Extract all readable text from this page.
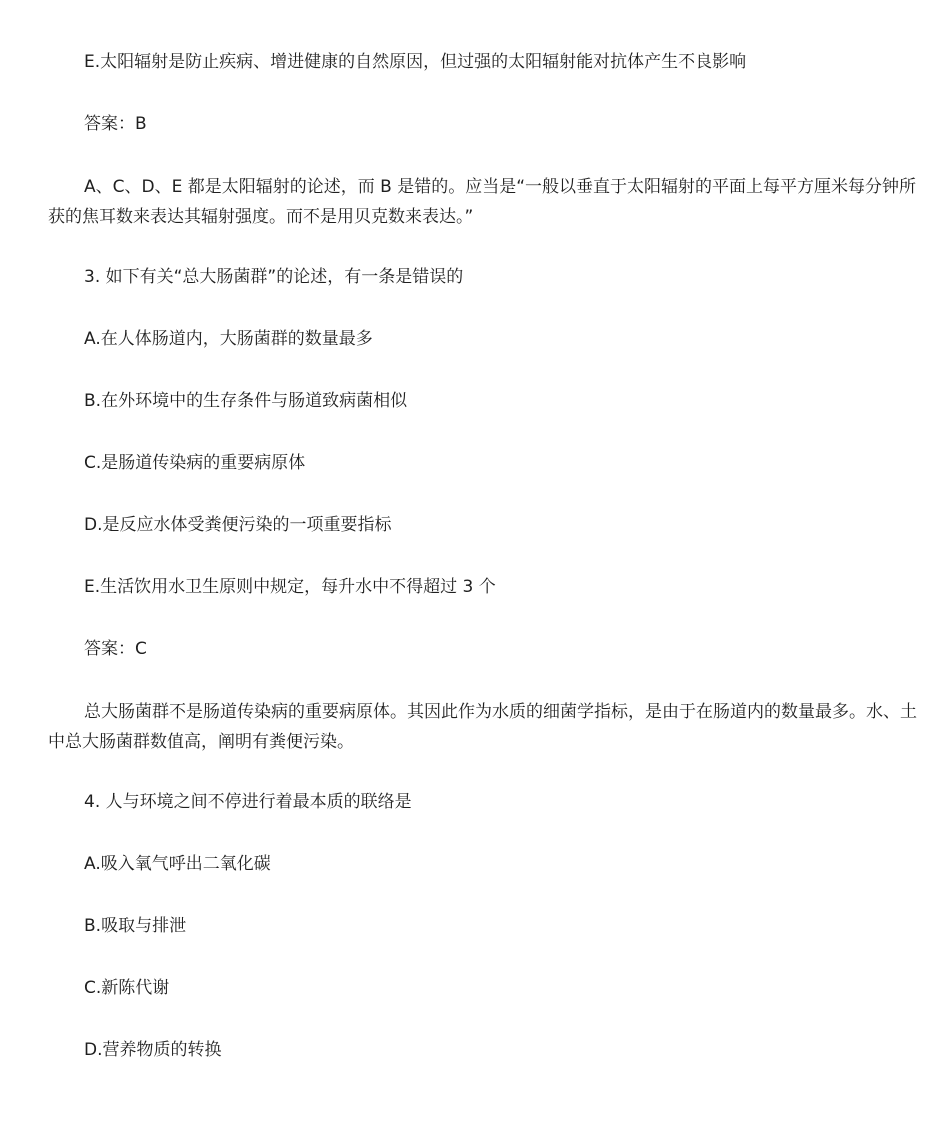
E.太阳辐射是防止疾病、增进健康的自然原因，但过强的太阳辐射能对抗体产生不良影响
答案：B
A、C、D、E 都是太阳辐射的论述，而 B 是错的。应当是“一般以垂直于太阳辐射的平面上每平方厘米每分钟所获的焦耳数来表达其辐射强度。而不是用贝克数来表达。”
3. 如下有关“总大肠菌群”的论述，有一条是错误的
A.在人体肠道内，大肠菌群的数量最多
B.在外环境中的生存条件与肠道致病菌相似
C.是肠道传染病的重要病原体
D.是反应水体受粪便污染的一项重要指标
E.生活饮用水卫生原则中规定，每升水中不得超过 3 个
答案：C
总大肠菌群不是肠道传染病的重要病原体。其因此作为水质的细菌学指标，是由于在肠道内的数量最多。水、土中总大肠菌群数值高，阐明有粪便污染。
4. 人与环境之间不停进行着最本质的联络是
A.吸入氧气呼出二氧化碳
B.吸取与排泄
C.新陈代谢
D.营养物质的转换
